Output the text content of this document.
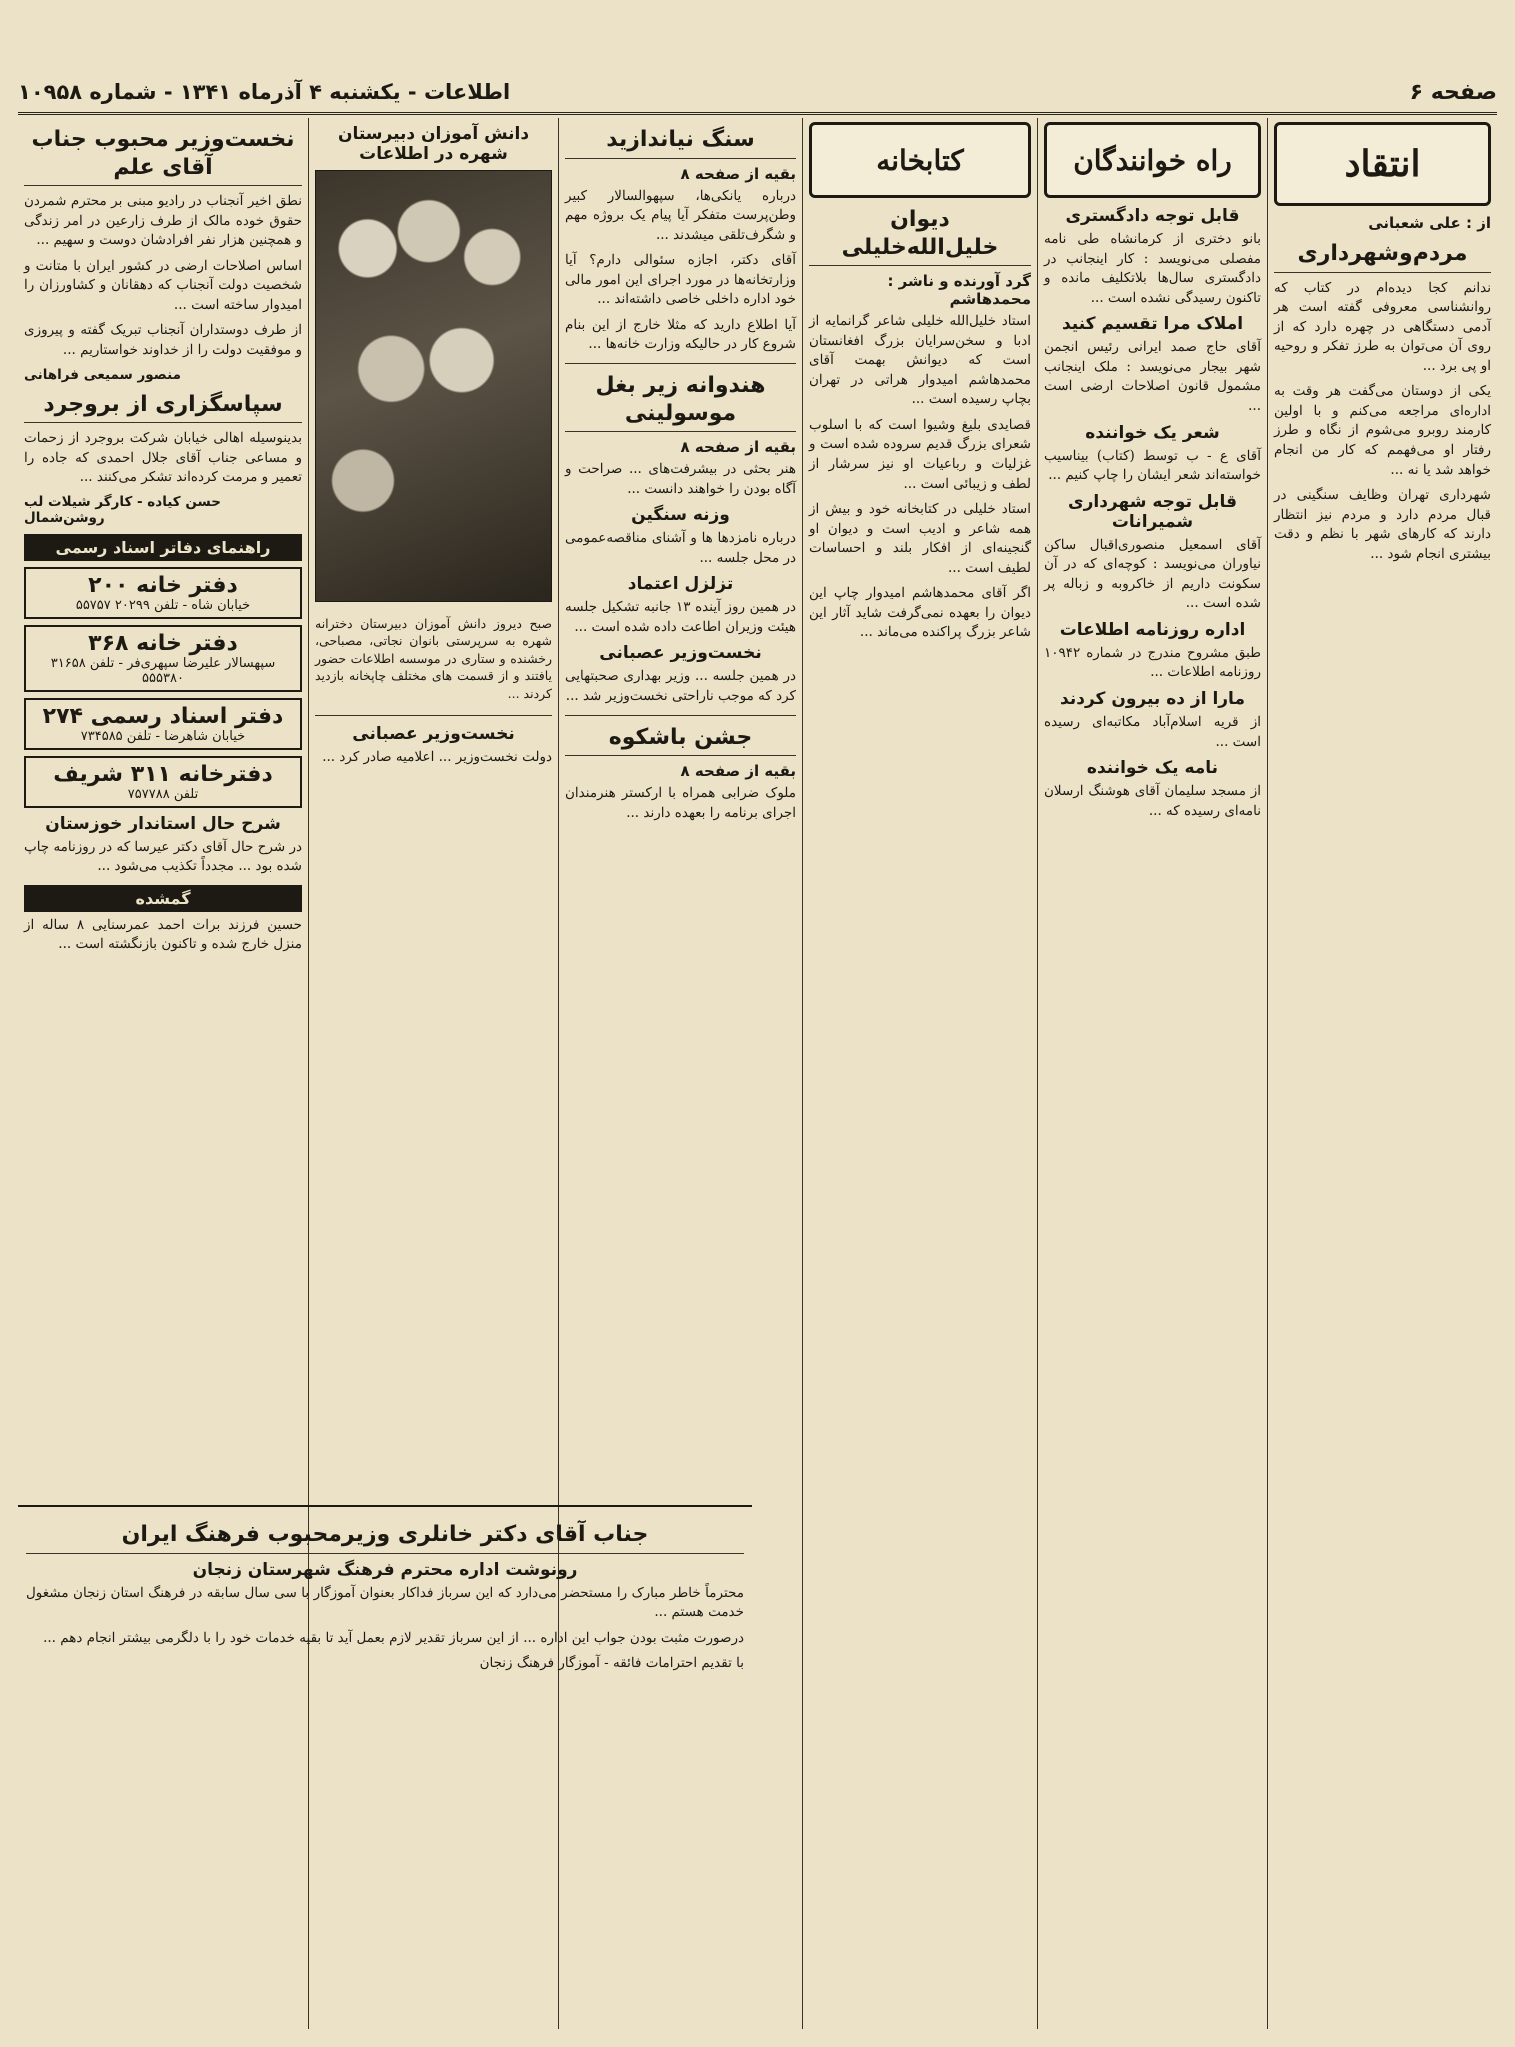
صفحه ۶
اطلاعات - یکشنبه ۴ آذرماه ۱۳۴۱ - شماره ۱۰۹۵۸
انتقاد
از : علی شعبانی
مردم‌و‌شهرداری

ندانم کجا دیده‌ام در کتاب که روانشناسی معروفی گفته است هر آدمی دستگاهی در چهره دارد که از روی آن می‌توان به طرز تفکر و روحیه او پی برد ...

یکی از دوستان می‌گفت هر وقت به اداره‌ای مراجعه می‌کنم و با اولین کارمند روبرو می‌شوم از نگاه و طرز رفتار او می‌فهمم که کار من انجام خواهد شد یا نه ...

شهرداری تهران وظایف سنگینی در قبال مردم دارد و مردم نیز انتظار دارند که کارهای شهر با نظم و دقت بیشتری انجام شود ...

راه خوانندگان
قابل توجه دادگستری

بانو دختری از کرمانشاه طی نامه مفصلی می‌نویسد : کار اینجانب در دادگستری سال‌ها بلاتکلیف مانده و تاکنون رسیدگی نشده است ...

املاک مرا تقسیم کنید

آقای حاج صمد ایرانی رئیس انجمن شهر بیجار می‌نویسد : ملک اینجانب مشمول قانون اصلاحات ارضی است ...

شعر یک خواننده

آقای ع - ب توسط (کتاب) بیناسیب خواسته‌اند شعر ایشان را چاپ کنیم ...

قابل توجه شهرداری شمیرانات

آقای اسمعیل منصوری‌اقبال ساکن نیاوران می‌نویسد : کوچه‌ای که در آن سکونت داریم از خاکروبه و زباله پر شده است ...

اداره روزنامه اطلاعات

طبق مشروح مندرج در شماره ۱۰۹۴۲ روزنامه اطلاعات ...

مارا از ده بیرون کردند

از قریه اسلام‌آباد مکاتبه‌ای رسیده است ...

نامه یک خواننده

از مسجد سلیمان آقای هوشنگ ارسلان نامه‌ای رسیده که ...

کتابخانه
دیوان خلیل‌الله‌خلیلی
گرد آورنده و ناشر : محمدهاشم

استاد خلیل‌الله خلیلی شاعر گرانمایه از ادبا و سخن‌سرایان بزرگ افغانستان است که دیوانش بهمت آقای محمدهاشم امیدوار هراتی در تهران بچاپ رسیده است ...

قصایدی بلیغ وشیوا است که با اسلوب شعرای بزرگ قدیم سروده شده است و غزلیات و رباعیات او نیز سرشار از لطف و زیبائی است ...

استاد خلیلی در کتابخانه خود و بیش از همه شاعر و ادیب است و دیوان او گنجینه‌ای از افکار بلند و احساسات لطیف است ...

اگر آقای محمدهاشم امیدوار چاپ این دیوان را بعهده نمی‌گرفت شاید آثار این شاعر بزرگ پراکنده می‌ماند ...

سنگ نیاندازید
بقیه از صفحه ۸

درباره یانکی‌ها، سپهوالسالار کبیر وطن‌پرست متفکر آیا پیام یک بروژه مهم و شگرف‌تلقی میشدند ...

آقای دکتر، اجازه سئوالی دارم؟ آیا وزارتخانه‌ها در مورد اجرای این امور مالی خود اداره داخلی خاصی داشته‌اند ...

آیا اطلاع دارید که مثلا خارج از این بنام شروع کار در حالیکه وزارت خانه‌ها ...

هندوانه زیر بغل موسولینی
بقیه از صفحه ۸

هنر بحثی در بیشرفت‌های ... صراحت و آگاه بودن را خواهند دانست ...

وزنه سنگین

درباره نامزدها ها و آشنای مناقصه‌عمومی در محل جلسه ...

تزلزل اعتماد

در همین روز آینده ۱۳ جانبه تشکیل جلسه هیئت وزیران اطاعت داده شده است ...

نخست‌وزیر عصبانی

در همین جلسه ... وزیر بهداری صحبتهایی کرد که موجب ناراحتی نخست‌وزیر شد ...

جشن باشکوه
بقیه از صفحه ۸

ملوک ضرابی همراه با ارکستر هنرمندان اجرای برنامه را بعهده دارند ...

دانش آموزان دبیرستان شهره در اطلاعات

صبح دیروز دانش آموزان دبیرستان دخترانه شهره به سرپرستی بانوان نجاتی، مصباحی، رخشنده و ستاری در موسسه اطلاعات حضور یافتند و از قسمت های مختلف چاپخانه بازدید کردند ...

نخست‌وزیر عصبانی

دولت نخست‌وزیر ... اعلامیه صادر کرد ...

نخست‌وزیر محبوب جناب آقای علم

نطق اخیر آنجناب در رادیو مبنی بر محترم شمردن حقوق خوده مالک از طرف زارعین در امر زندگی و همچنین هزار نفر افرادشان دوست و سهیم ...

اساس اصلاحات ارضی در کشور ایران با متانت و شخصیت دولت آنجناب که دهقانان و کشاورزان را امیدوار ساخته است ...

از طرف دوستداران آنجناب تبریک گفته و پیروزی و موفقیت دولت را از خداوند خواستاریم ...

منصور سمیعی فراهانی
سپاسگزاری از بروجرد

بدینوسیله اهالی خیابان شرکت بروجرد از زحمات و مساعی جناب آقای جلال احمدی که جاده را تعمیر و مرمت کرده‌اند تشکر می‌کنند ...

حسن کیاده - کارگر شیلات لب روشن‌شمال
راهنمای دفاتر اسناد رسمی
دفتر خانه ۲۰۰
خیابان شاه - تلفن ۲۰۲۹۹ ۵۵۷۵۷
دفتر خانه ۳۶۸
سپهسالار علیرضا سپهری‌فر - تلفن ۳۱۶۵۸ ۵۵۵۳۸۰
دفتر اسناد رسمی ۲۷۴
خیابان شاهرضا - تلفن ۷۳۴۵۸۵
دفترخانه ۳۱۱ شریف
تلفن ۷۵۷۷۸۸
شرح حال استاندار خوزستان

در شرح حال آقای دکتر عیرسا که در روزنامه چاپ شده بود ... مجدداً تکذیب می‌شود ...

گمشده

حسین فرزند برات احمد عمرسنایی ۸ ساله از منزل خارج شده و تاکنون بازنگشته است ...

جناب آقای دکتر خانلری وزیرمحبوب فرهنگ ایران
رونوشت اداره محترم فرهنگ شهرستان زنجان

محترماً خاطر مبارک را مستحضر می‌دارد که این سرباز فداکار بعنوان آموزگار با سی سال سابقه در فرهنگ استان زنجان مشغول خدمت هستم ...

درصورت مثبت بودن جواب این اداره ... از این سرباز تقدیر لازم بعمل آید تا بقیه خدمات خود را با دلگرمی بیشتر انجام دهم ...

با تقدیم احترامات فائقه - آموزگار فرهنگ زنجان
